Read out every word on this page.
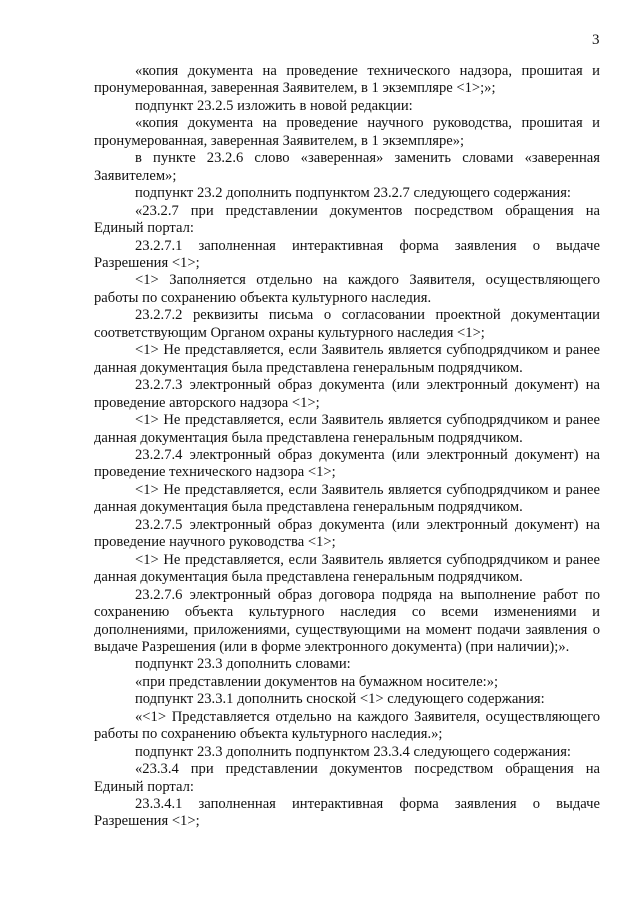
3

«копия документа на проведение технического надзора, прошитая и пронумерованная, заверенная Заявителем, в 1 экземпляре <1>;»;

подпункт 23.2.5 изложить в новой редакции:

«копия документа на проведение научного руководства, прошитая и пронумерованная, заверенная Заявителем, в 1 экземпляре»;

в пункте 23.2.6 слово «заверенная» заменить словами «заверенная Заявителем»;

подпункт 23.2 дополнить подпунктом 23.2.7 следующего содержания:

«23.2.7 при представлении документов посредством обращения на Единый портал:

23.2.7.1 заполненная интерактивная форма заявления о выдаче Разрешения <1>;

<1> Заполняется отдельно на каждого Заявителя, осуществляющего работы по сохранению объекта культурного наследия.

23.2.7.2 реквизиты письма о согласовании проектной документации соответствующим Органом охраны культурного наследия <1>;

<1> Не представляется, если Заявитель является субподрядчиком и ранее данная документация была представлена генеральным подрядчиком.

23.2.7.3 электронный образ документа (или электронный документ) на проведение авторского надзора <1>;

<1> Не представляется, если Заявитель является субподрядчиком и ранее данная документация была представлена генеральным подрядчиком.

23.2.7.4 электронный образ документа (или электронный документ) на проведение технического надзора <1>;

<1> Не представляется, если Заявитель является субподрядчиком и ранее данная документация была представлена генеральным подрядчиком.

23.2.7.5 электронный образ документа (или электронный документ) на проведение научного руководства <1>;

<1> Не представляется, если Заявитель является субподрядчиком и ранее данная документация была представлена генеральным подрядчиком.

23.2.7.6 электронный образ договора подряда на выполнение работ по сохранению объекта культурного наследия со всеми изменениями и дополнениями, приложениями, существующими на момент подачи заявления о выдаче Разрешения (или в форме электронного документа) (при наличии);».

подпункт 23.3 дополнить словами:

«при представлении документов на бумажном носителе:»;

подпункт 23.3.1 дополнить сноской <1> следующего содержания:

«<1> Представляется отдельно на каждого Заявителя, осуществляющего работы по сохранению объекта культурного наследия.»;

подпункт 23.3 дополнить подпунктом 23.3.4 следующего содержания:

«23.3.4 при представлении документов посредством обращения на Единый портал:

23.3.4.1 заполненная интерактивная форма заявления о выдаче Разрешения <1>;
